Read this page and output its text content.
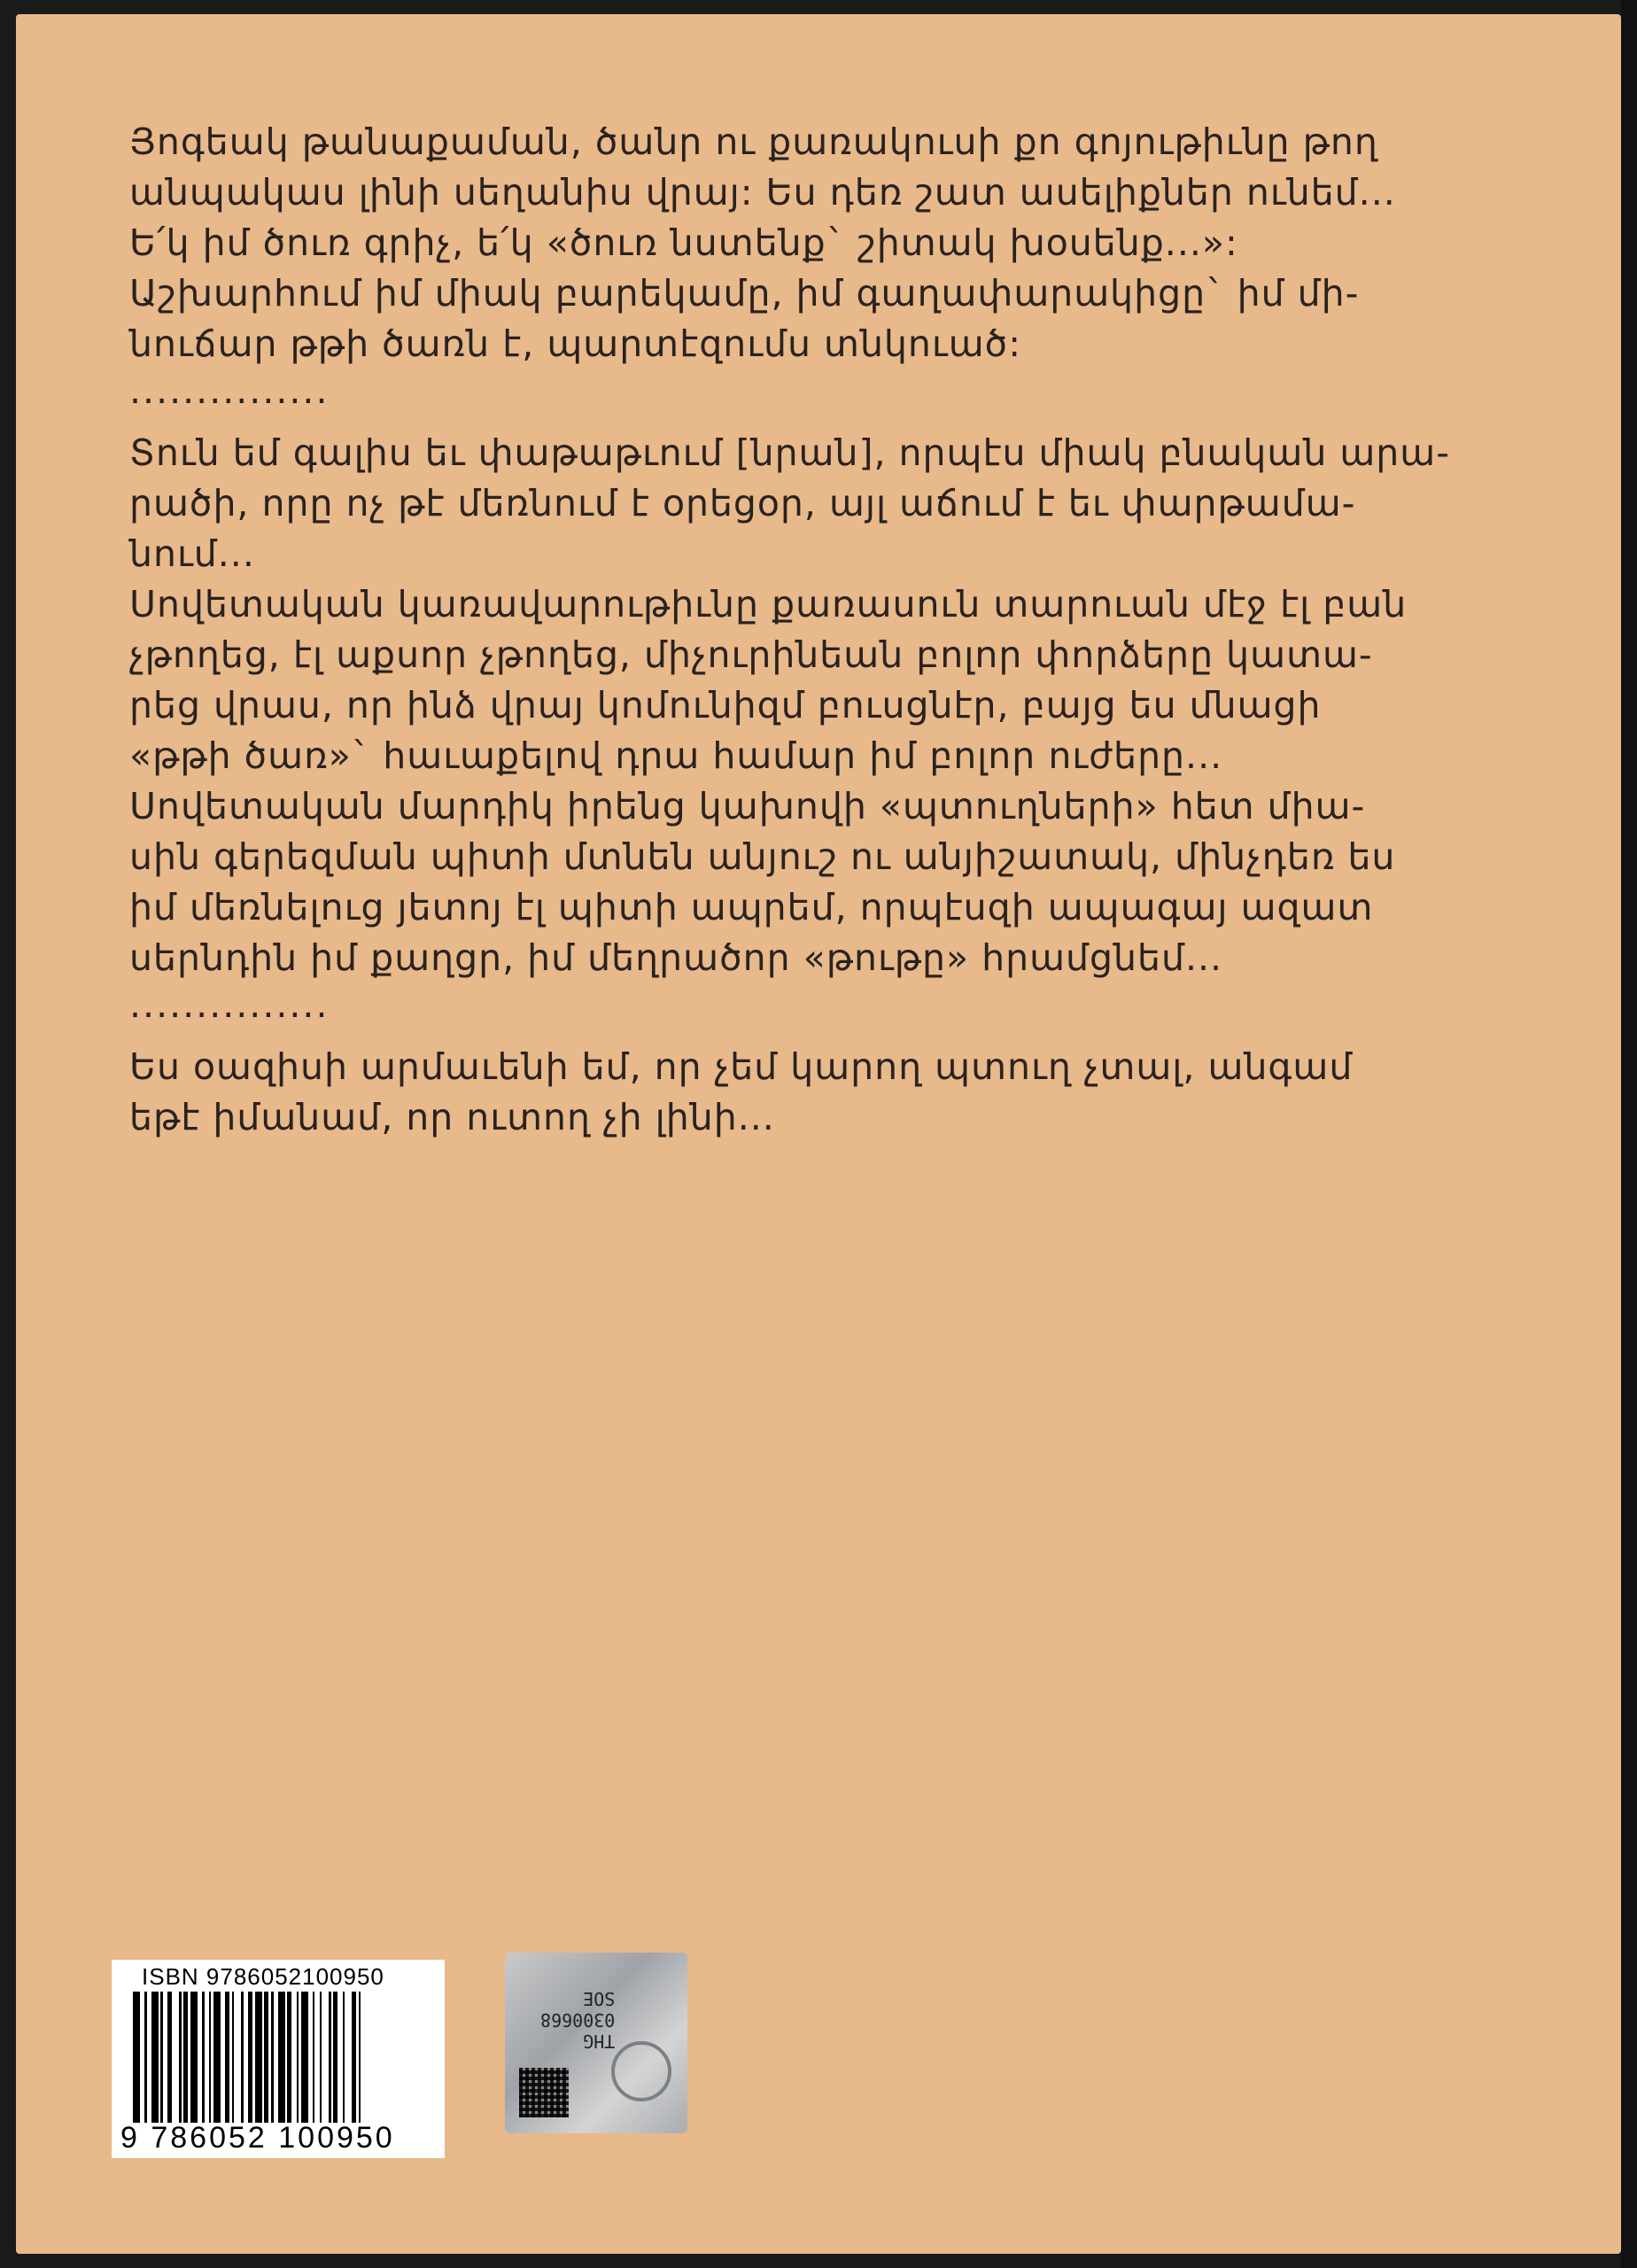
Յոգեակ թանաքաման, ծանր ու քառակուսի քո գոյութիւնը թող
անպակաս լինի սեղանիս վրայ: Ես դեռ շատ ասելիքներ ունեմ...
Ե՛կ իմ ծուռ գրիչ, ե՛կ «ծուռ նստենք` շիտակ խօսենք...»:
Աշխարհում իմ միակ բարեկամը, իմ գաղափարակիցը` իմ մի-
նուճար թթի ծառն է, պարտէզումս տնկուած:
...............
Տուն եմ գալիս եւ փաթաթւում [նրան], որպէս միակ բնական արա-
րածի, որը ոչ թէ մեռնում է օրեցօր, այլ աճում է եւ փարթամա-
նում...
Սովետական կառավարութիւնը քառասուն տարուան մէջ էլ բան
չթողեց, էլ աքսոր չթողեց, միչուրինեան բոլոր փորձերը կատա-
րեց վրաս, որ ինձ վրայ կոմունիզմ բուսցնէր, բայց ես մնացի
«թթի ծառ»` հաւաքելով դրա համար իմ բոլոր ուժերը...
Սովետական մարդիկ իրենց կախովի «պտուղների» հետ միա-
սին գերեզման պիտի մտնեն անյուշ ու անյիշատակ, մինչդեռ ես
իմ մեռնելուց յետոյ էլ պիտի ապրեմ, որպէսզի ապագայ ազատ
սերնդին իմ քաղցր, իմ մեղրածոր «թութը» հրամցնեմ...
...............
Ես օազիսի արմաւենի եմ, որ չեմ կարող պտուղ չտալ, անգամ
եթէ իմանամ, որ ուտող չի լինի...
ISBN 9786052100950
9 786052 100950
THG
0300668
SOE
